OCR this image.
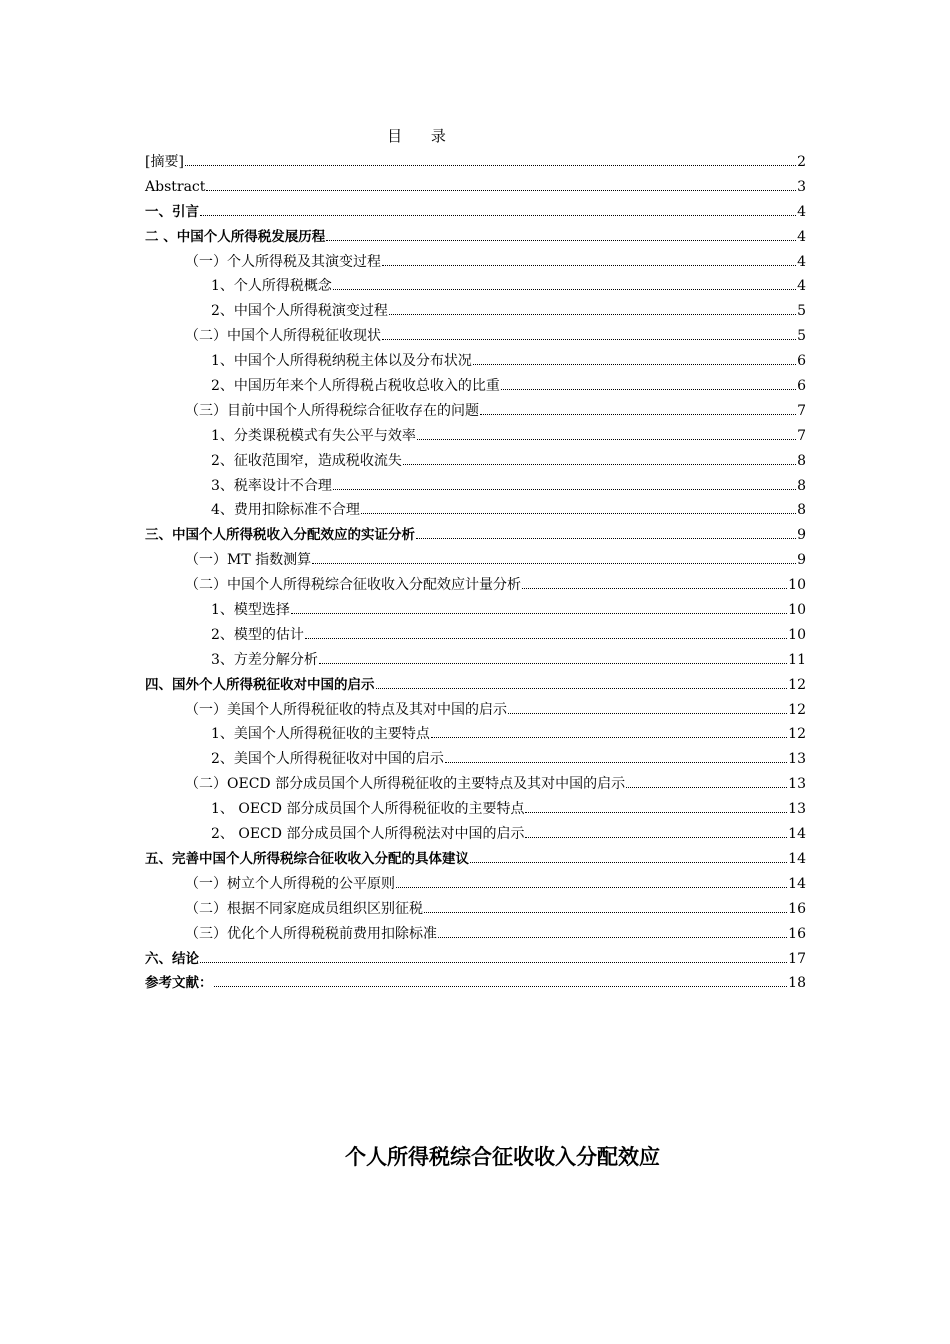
目 录
[摘要]	2
Abstract	3
一、引言	4
二 、中国个人所得税发展历程	4
（一）个人所得税及其演变过程	4
1、个人所得税概念	4
2、中国个人所得税演变过程	5
（二）中国个人所得税征收现状	5
1、中国个人所得税纳税主体以及分布状况	6
2、中国历年来个人所得税占税收总收入的比重	6
（三）目前中国个人所得税综合征收存在的问题	7
1、分类课税模式有失公平与效率	7
2、征收范围窄，造成税收流失	8
3、税率设计不合理	8
4、费用扣除标准不合理	8
三、中国个人所得税收入分配效应的实证分析	9
（一）MT 指数测算	9
（二）中国个人所得税综合征收收入分配效应计量分析	10
1、模型选择	10
2、模型的估计	10
3、方差分解分析	11
四、国外个人所得税征收对中国的启示	12
（一）美国个人所得税征收的特点及其对中国的启示	12
1、美国个人所得税征收的主要特点	12
2、美国个人所得税征收对中国的启示	13
（二）OECD 部分成员国个人所得税征收的主要特点及其对中国的启示	13
1、 OECD 部分成员国个人所得税征收的主要特点	13
2、 OECD 部分成员国个人所得税法对中国的启示	14
五、完善中国个人所得税综合征收收入分配的具体建议	14
（一）树立个人所得税的公平原则	14
（二）根据不同家庭成员组织区别征税	16
（三）优化个人所得税税前费用扣除标准	16
六、结论	17
参考文献：	18
个人所得税综合征收收入分配效应
